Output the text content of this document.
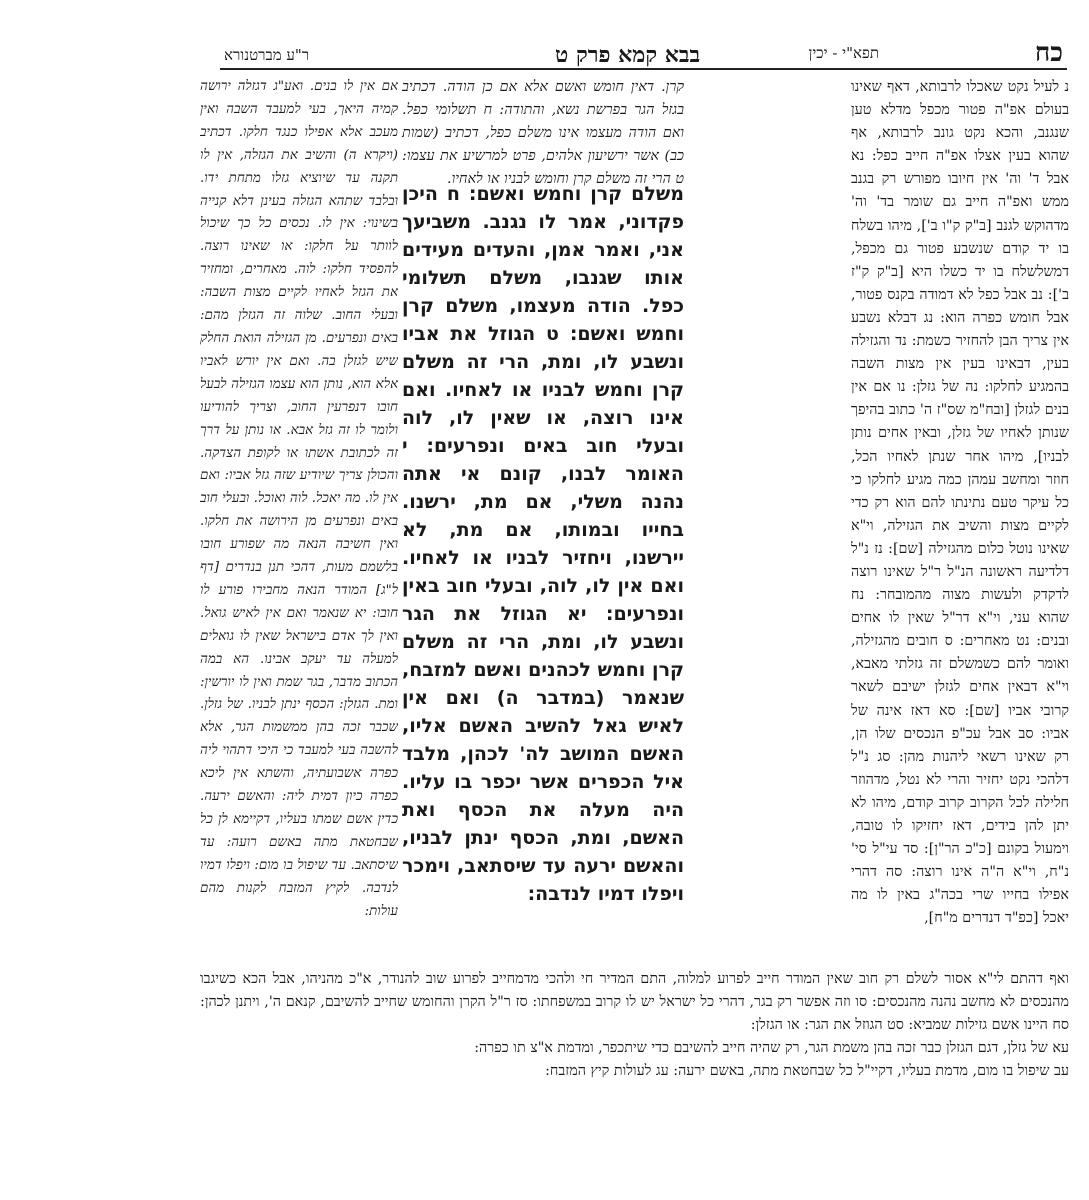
כח
תפא"י - יכין
בבא קמא פרק ט
ר"ע מברטנורא

נ לעיל נקט שאכלו לרבותא, דאף שאינו בעולם אפ"ה פטור מכפל מדלא טען שנגנב, והכא נקט גונב לרבותא, אף שהוא בעין אצלו אפ"ה חייב כפל: נא אבל ד' וה' אין חיובו מפורש רק בגנב ממש ואפ"ה חייב גם שומר בד' וה' מדהוקש לגנב [ב"ק ק"ו ב'], מיהו בשלח בו יד קודם שנשבע פטור גם מכפל, דמשלשלח בו יד כשלו היא [ב"ק ק"ז ב']: נב אבל כפל לא דמודה בקנס פטור, אבל חומש כפרה הוא: נג דבלא נשבע אין צריך הבן להחזיר כשמת: נד והגזילה בעין, דבאינו בעין אין מצות השבה בהמגיע לחלקו: נה של גזלן: נו אם אין בנים לגזלן [ובח"מ שס"ז ה' כתוב בהיפך שנותן לאחיו של גזלן, ובאין אחים נותן לבניו], מיהו אחר שנתן לאחיו הכל, חוזר ומחשב עמהן כמה מגיע לחלקו כי כל עיקר טעם נתינתו להם הוא רק כדי לקיים מצות והשיב את הגזילה, וי"א שאינו נוטל כלום מהגזילה [שם]: נז נ"ל דלדיעה ראשונה הנ"ל ר"ל שאינו רוצה לדקדק ולעשות מצוה מהמובחר: נח שהוא עני, וי"א דר"ל שאין לו אחים ובנים: נט מאחרים: ס חובים מהגזילה, ואומר להם כשמשלם זה גזלתי מאבא, וי"א דבאין אחים לגזלן ישיבם לשאר קרובי אביו [שם]: סא דאז אינה של אביו: סב אבל עכ"פ הנכסים שלו הן, רק שאינו רשאי ליהנות מהן: סג נ"ל דלהכי נקט יחזיר והרי לא נטל, מדהוזר חלילה לכל הקרוב קרוב קודם, מיהו לא יתן להן בידים, דאז יחזיקו לו טובה, וימעול בקונם [כ"כ הר"ן]: סד עי"ל סי' נ"ח, וי"א ה"ה אינו רוצה: סה דהרי אפילו בחייו שרי בכה"ג באין לו מה יאכל [כפ"ד דנדרים מ"ח],

קרן. דאין חומש ואשם אלא אם כן הודה. דכתיב בגזל הגר בפרשת נשא, והתודה: ח תשלומי כפל. ואם הודה מעצמו אינו משלם כפל, דכתיב (שמות כב) אשר ירשיעון אלהים, פרט למרשיע את עצמו: ט הרי זה משלם קרן וחומש לבניו או לאחיו.

משלם קרן וחמש ואשם: ח היכן פקדוני, אמר לו נגנב. משביעך אני, ואמר אמן, והעדים מעידים אותו שגנבו, משלם תשלומי כפל. הודה מעצמו, משלם קרן וחמש ואשם: ט הגוזל את אביו ונשבע לו, ומת, הרי זה משלם קרן וחמש לבניו או לאחיו. ואם אינו רוצה, או שאין לו, לוה ובעלי חוב באים ונפרעים: י האומר לבנו, קונם אי אתה נהנה משלי, אם מת, ירשנו. בחייו ובמותו, אם מת, לא יירשנו, ויחזיר לבניו או לאחיו. ואם אין לו, לוה, ובעלי חוב באין ונפרעים: יא הגוזל את הגר ונשבע לו, ומת, הרי זה משלם קרן וחמש לכהנים ואשם למזבח, שנאמר (במדבר ה) ואם אין לאיש גאל להשיב האשם אליו, האשם המושב לה' לכהן, מלבד איל הכפרים אשר יכפר בו עליו. היה מעלה את הכסף ואת האשם, ומת, הכסף ינתן לבניו, והאשם ירעה עד שיסתאב, וימכר ויפלו דמיו לנדבה:

אם אין לו בנים. ואע"ג דגזלה ירושה קמיה היאך, בעי למעבד השבה ואין מעכב אלא אפילו כנגד חלקו. דכתיב (ויקרא ה) והשיב את הגזלה, אין לו תקנה עד שיוציא גזלו מתחת ידו. ובלבד שתהא הגזלה בעינן דלא קנייה בשינוי: אין לו. נכסים כל כך שיכול לוותר על חלקו: או שאינו רוצה. להפסיד חלקו: לוה. מאחרים, ומחזיר את הגזל לאחיו לקיים מצות השבה: ובעלי החוב. שלוה זה הגזלן מהם: באים ונפרעים. מן הגזילה הואת החלק שיש לגזלן בה. ואם אין יורש לאביו אלא הוא, נותן הוא עצמו הגזילה לבעל חובו דנפרעין החוב, וצריך להודיעו ולומר לו זה גזל אבא. או נותן על דרך זה לכתובת אשתו או לקופת הצדקה. והכולן צריך שיודיע שזה גזל אביו: ואם אין לו. מה יאכל. לוה ואוכל. ובעלי חוב באים ונפרעים מן הירושה את חלקו. ואין חשיבה הנאה מה שפורע חובו בלשמם מעות, דהכי תנן בנדרים [דף ל"ג] המודר הנאה מחבירו פורע לו חובו: יא שנאמר ואם אין לאיש גואל. ואין לך אדם בישראל שאין לו גואלים למעלה עד יעקב אבינו. הא במה הכתוב מדבר, בגר שמת ואין לו יורשין: ומת. הגזלן: הכסף ינתן לבניו. של גזלן. שכבר זכה בהן ממשמות הגר, אלא להשבה בעי למעבד כי היכי דתהוי ליה כפרה אשבועתיה, והשתא אין ליכא כפרה כיון דמית ליה: והאשם ירעה. כדין אשם שמתו בעליו, דקיימא לן כל שבחטאת מתה באשם רועה: עד שיסתאב. עד שיפול בו מום: ויפלו דמיו לנדבה. לקיץ המזבח לקנות מהם עולות:

ואף דהתם לי"א אסור לשלם רק חוב שאין המודר חייב לפרוע למלוה, התם המדיר חי ולהכי מדמחייב לפרוע שוב להנודר, א"כ מהניהו, אבל הכא כשיגבו מהנכסים לא מחשב נהנה מהנכסים: סו וזה אפשר רק בגר, דהרי כל ישראל יש לו קרוב במשפחתו: סז ר"ל הקרן והחומש שחייב להשיבם, קנאם ה', ויתנן לכהן: סח היינו אשם גזילות שמביא: סט הגוזל את הגר: או הגזלן:
עא של גזלן, דגם הגזלן כבר זכה בהן משמת הגר, רק שהיה חייב להשיבם כדי שיתכפר, ומדמת א"צ תו כפרה:
עב שיפול בו מום, מדמת בעליו, דקיי"ל כל שבחטאת מתה, באשם ירעה: עג לעולות קיץ המזבח:
